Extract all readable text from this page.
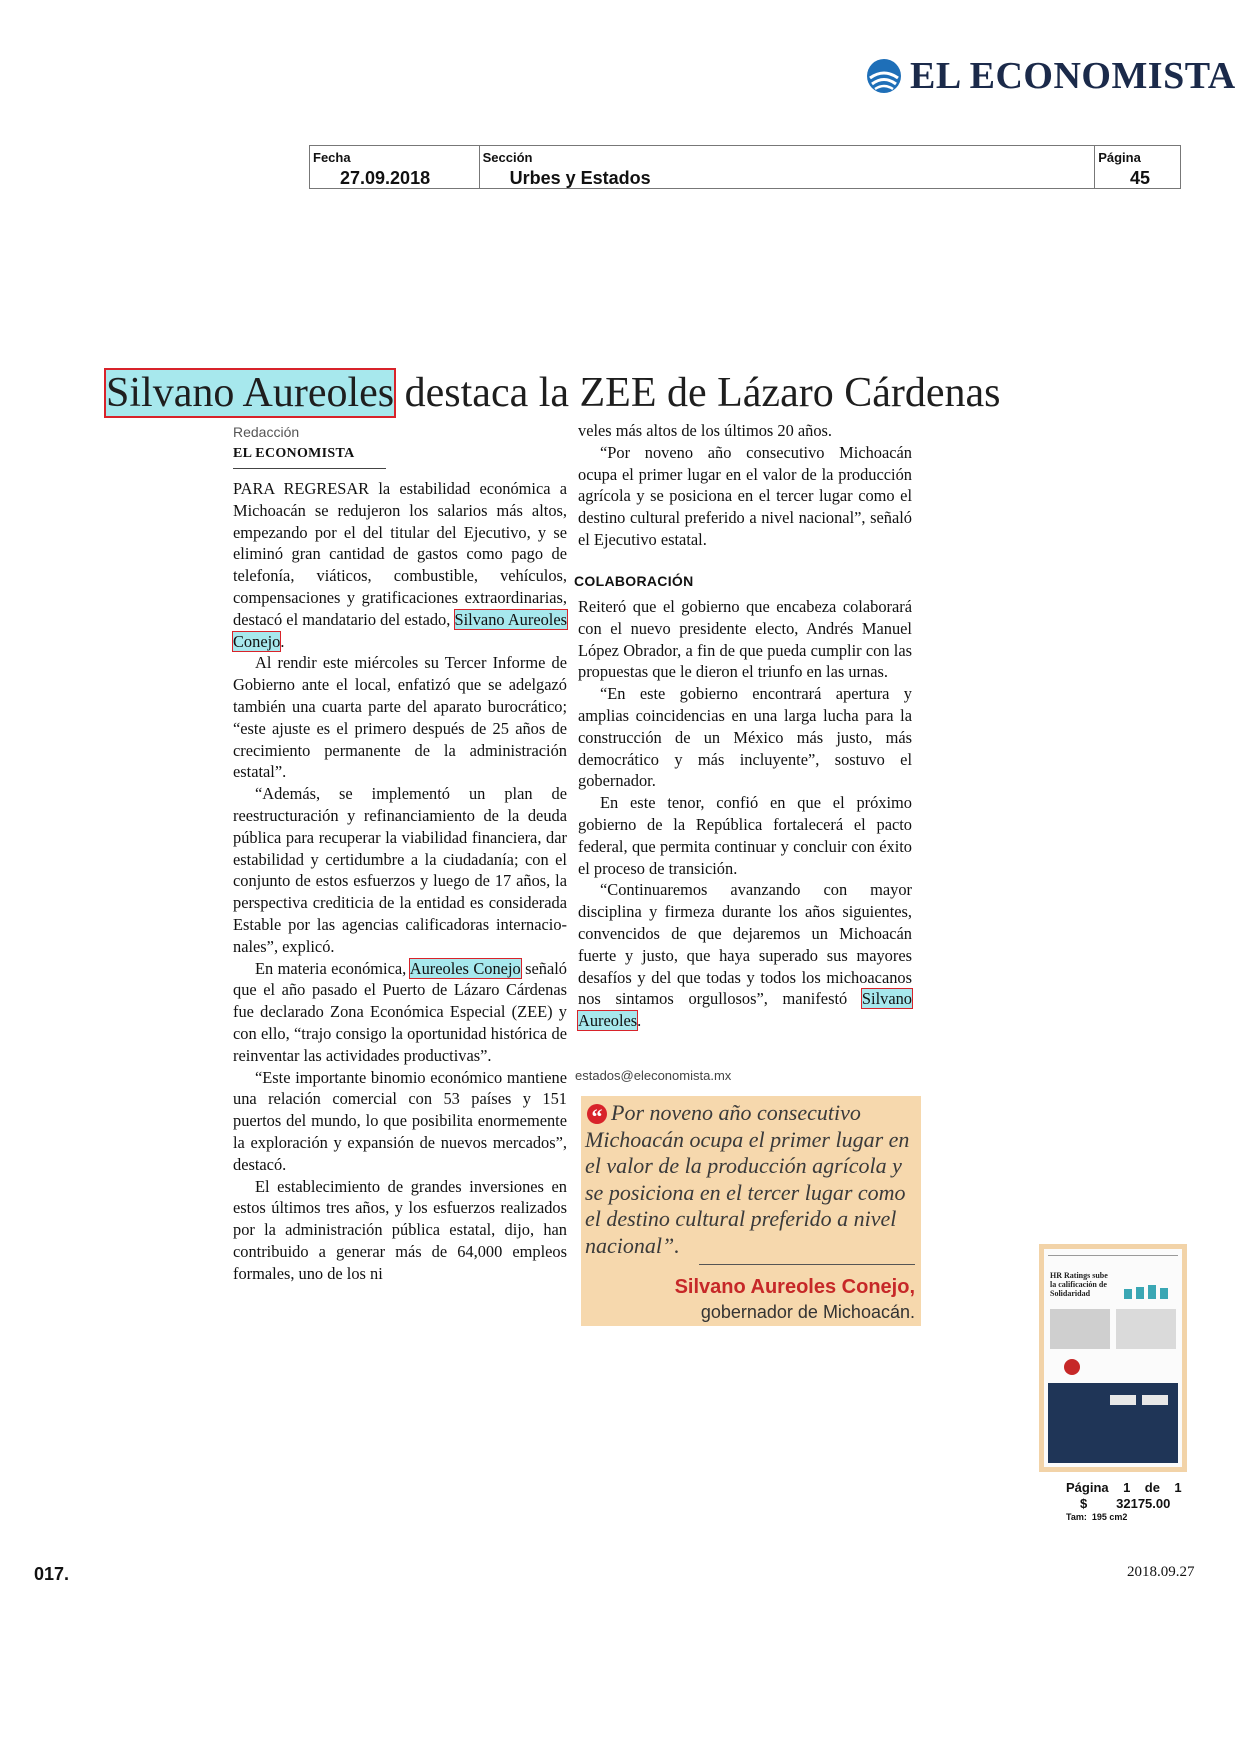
EL ECONOMISTA
Fecha
27.09.2018
Sección
Urbes y Estados
Página
45
Silvano Aureoles destaca la ZEE de Lázaro Cárdenas
Redacción
EL ECONOMISTA

PARA REGRESAR la estabilidad económica a Michoacán se redujeron los salarios más altos, empezando por el del titular del Ejecutivo, y se eliminó gran cantidad de gastos como pago de telefonía, viáticos, combustible, vehículos, compensaciones y gratificaciones extraordinarias, destacó el mandatario del estado, Silvano Aureoles Conejo.

Al rendir este miércoles su Tercer Informe de Gobierno ante el local, enfatizó que se adelgazó también una cuarta parte del aparato burocrático; “este ajuste es el primero después de 25 años de crecimiento permanente de la administración estatal”.

“Además, se implementó un plan de reestructuración y refinanciamiento de la deuda pública para recuperar la viabilidad financiera, dar estabilidad y certidumbre a la ciudadanía; con el conjunto de estos esfuerzos y luego de 17 años, la perspectiva crediticia de la entidad es considerada Estable por las agencias calificadoras internacionales”, explicó.

En materia económica, Aureoles Conejo señaló que el año pasado el Puerto de Lázaro Cárdenas fue declarado Zona Económica Especial (ZEE) y con ello, “trajo consigo la oportunidad histórica de reinventar las actividades productivas”.

“Este importante binomio económico mantiene una relación comercial con 53 países y 151 puertos del mundo, lo que posibilita enormemente la exploración y expansión de nuevos mercados”, destacó.

El establecimiento de grandes inversiones en estos últimos tres años, y los esfuerzos realizados por la administración pública estatal, dijo, han contribuido a generar más de 64,000 empleos formales, uno de los ni

veles más altos de los últimos 20 años.

“Por noveno año consecutivo Michoacán ocupa el primer lugar en el valor de la producción agrícola y se posiciona en el tercer lugar como el destino cultural preferido a nivel nacional”, señaló el Ejecutivo estatal.

COLABORACIÓN

Reiteró que el gobierno que encabeza colaborará con el nuevo presidente electo, Andrés Manuel López Obrador, a fin de que pueda cumplir con las propuestas que le dieron el triunfo en las urnas.

“En este gobierno encontrará apertura y amplias coincidencias en una larga lucha para la construcción de un México más justo, más democrático y más incluyente”, sostuvo el gobernador.

En este tenor, confió en que el próximo gobierno de la República fortalecerá el pacto federal, que permita continuar y concluir con éxito el proceso de transición.

“Continuaremos avanzando con mayor disciplina y firmeza durante los años siguientes, convencidos de que dejaremos un Michoacán fuerte y justo, que haya superado sus mayores desafíos y del que todas y todos los michoacanos nos sintamos orgullosos”, manifestó Silvano Aureoles.

estados@eleconomista.mx
“ Por noveno año consecutivo Michoacán ocupa el primer lugar en el valor de la producción agrícola y se posiciona en el tercer lugar como el destino cultural preferido a nivel nacional”.
Silvano Aureoles Conejo,
gobernador de Michoacán.
HR Ratings sube la calificación de Solidaridad
Página 1 de 1
$ 32175.00
Tam: 195 cm2
017.	2018.09.27
